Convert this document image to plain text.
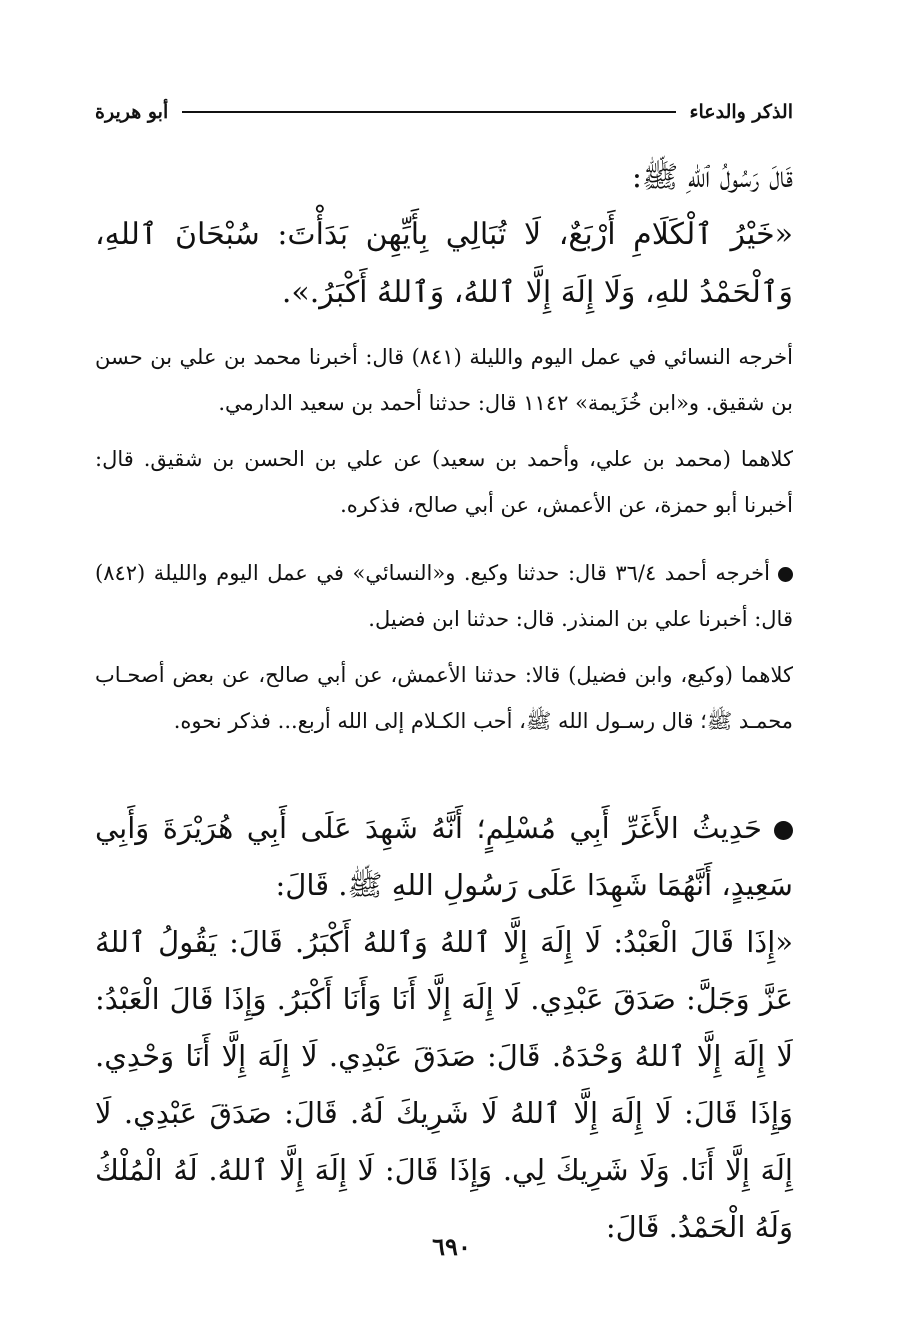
الذكر والدعاء
أبو هريرة

قَالَ رَسُولُ ٱللهِ ﷺ:

«خَيْرُ ٱلْكَلَامِ أَرْبَعٌ، لَا تُبَالِي بِأَيِّهِن بَدَأْتَ: سُبْحَانَ ٱللهِ، وَٱلْحَمْدُ للهِ، وَلَا إِلَهَ إِلَّا ٱللهُ، وَٱللهُ أَكْبَرُ.».

أخرجه النسائي في عمل اليوم والليلة (٨٤١) قال: أخبرنا محمد بن علي بن حسن بن شقيق. و«ابن خُزَيمة» ١١٤٢ قال: حدثنا أحمد بن سعيد الدارمي.

كلاهما (محمد بن علي، وأحمد بن سعيد) عن علي بن الحسن بن شقيق. قال: أخبرنا أبو حمزة، عن الأعمش، عن أبي صالح، فذكره.

أخرجه أحمد ٣٦/٤ قال: حدثنا وكيع. و«النسائي» في عمل اليوم والليلة (٨٤٢) قال: أخبرنا علي بن المنذر. قال: حدثنا ابن فضيل.

كلاهما (وكيع، وابن فضيل) قالا: حدثنا الأعمش، عن أبي صالح، عن بعض أصحـاب محمـد ﷺ؛ قال رسـول الله ﷺ، أحب الكـلام إلى الله أربع... فذكر نحوه.

حَدِيثُ الأَغَرِّ أَبِي مُسْلِمٍ؛ أَنَّهُ شَهِدَ عَلَى أَبِي هُرَيْرَةَ وَأَبِي سَعِيدٍ، أَنَّهُمَا شَهِدَا عَلَى رَسُولِ اللهِ ﷺ. قَالَ:

«إِذَا قَالَ الْعَبْدُ: لَا إِلَهَ إِلَّا ٱللهُ وَٱللهُ أَكْبَرُ. قَالَ: يَقُولُ ٱللهُ عَزَّ وَجَلَّ: صَدَقَ عَبْدِي. لَا إِلَهَ إِلَّا أَنَا وَأَنَا أَكْبَرُ. وَإِذَا قَالَ الْعَبْدُ: لَا إِلَهَ إِلَّا ٱللهُ وَحْدَهُ. قَالَ: صَدَقَ عَبْدِي. لَا إِلَهَ إِلَّا أَنَا وَحْدِي. وَإِذَا قَالَ: لَا إِلَهَ إِلَّا ٱللهُ لَا شَرِيكَ لَهُ. قَالَ: صَدَقَ عَبْدِي. لَا إِلَهَ إِلَّا أَنَا. وَلَا شَرِيكَ لِي. وَإِذَا قَالَ: لَا إِلَهَ إِلَّا ٱللهُ. لَهُ الْمُلْكُ وَلَهُ الْحَمْدُ. قَالَ:

٦٩٠
